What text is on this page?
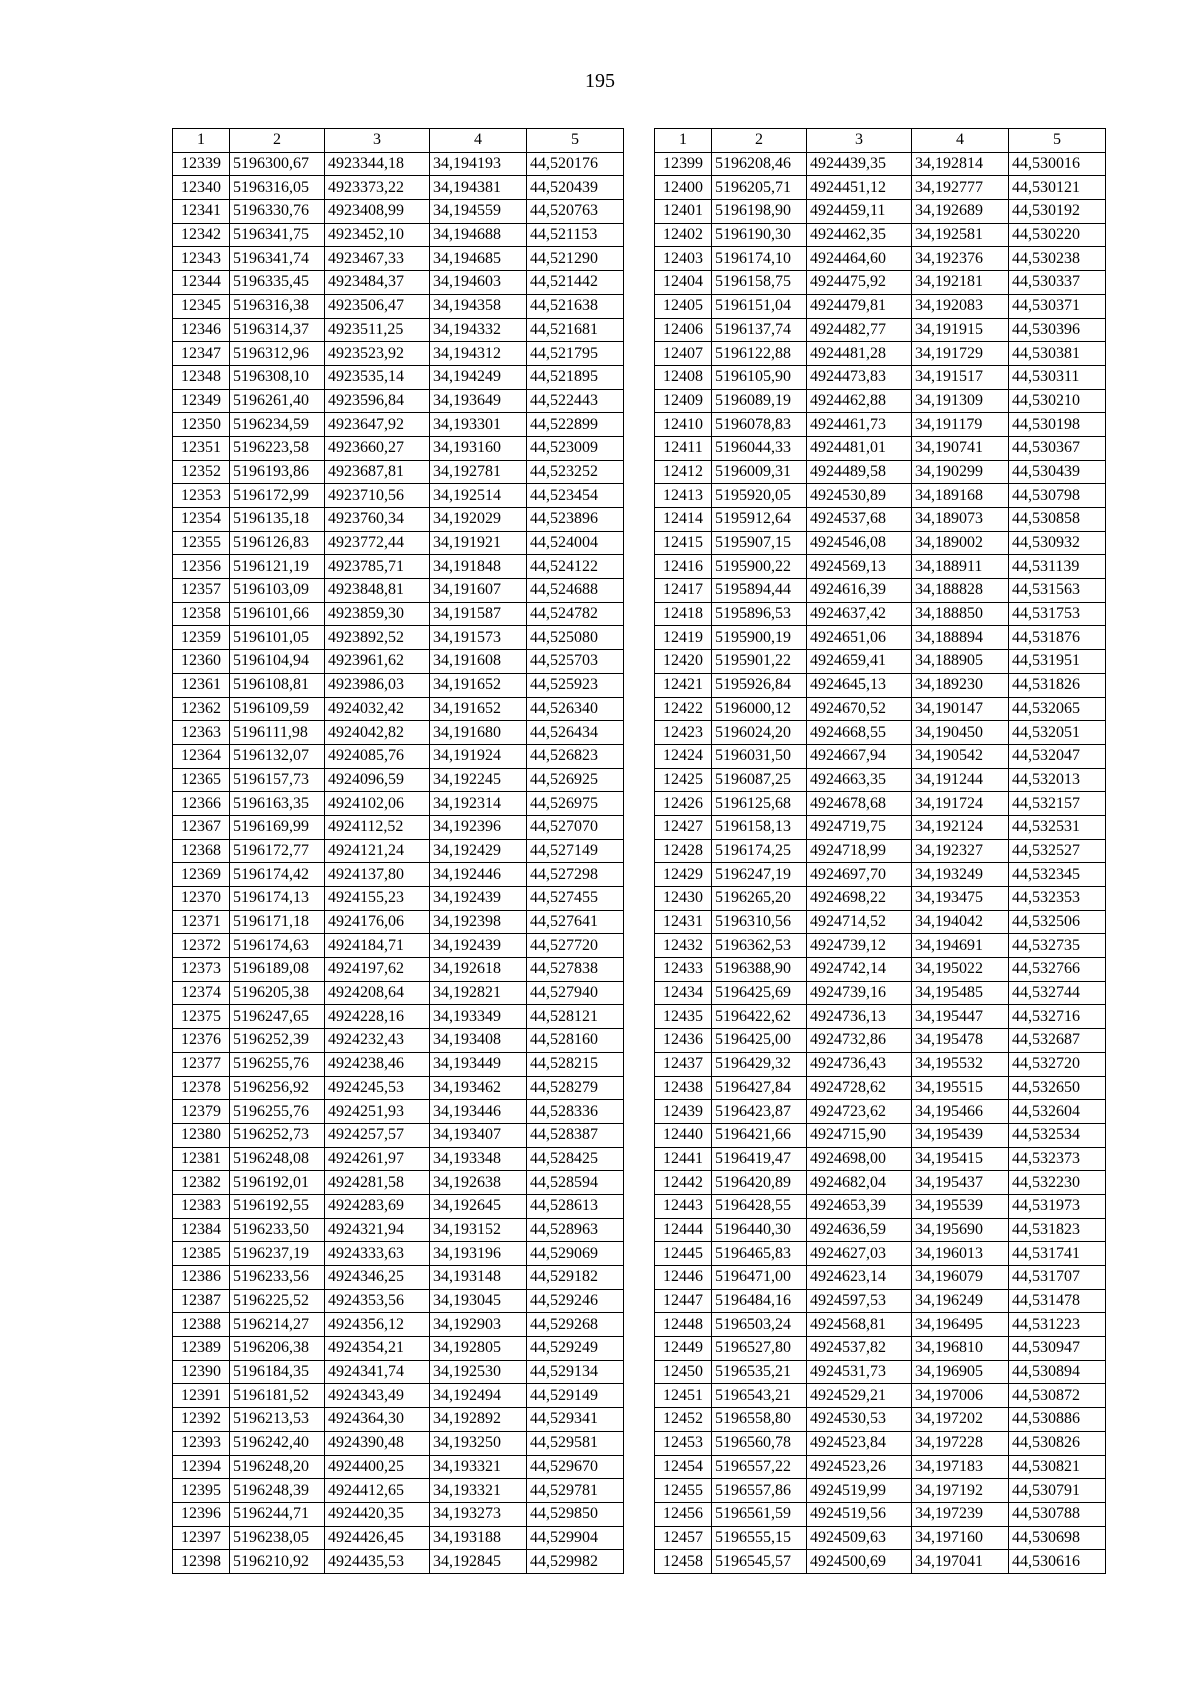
195
1	2	3	4	5
12339	5196300,67	4923344,18	34,194193	44,520176
12340	5196316,05	4923373,22	34,194381	44,520439
12341	5196330,76	4923408,99	34,194559	44,520763
12342	5196341,75	4923452,10	34,194688	44,521153
12343	5196341,74	4923467,33	34,194685	44,521290
12344	5196335,45	4923484,37	34,194603	44,521442
12345	5196316,38	4923506,47	34,194358	44,521638
12346	5196314,37	4923511,25	34,194332	44,521681
12347	5196312,96	4923523,92	34,194312	44,521795
12348	5196308,10	4923535,14	34,194249	44,521895
12349	5196261,40	4923596,84	34,193649	44,522443
12350	5196234,59	4923647,92	34,193301	44,522899
12351	5196223,58	4923660,27	34,193160	44,523009
12352	5196193,86	4923687,81	34,192781	44,523252
12353	5196172,99	4923710,56	34,192514	44,523454
12354	5196135,18	4923760,34	34,192029	44,523896
12355	5196126,83	4923772,44	34,191921	44,524004
12356	5196121,19	4923785,71	34,191848	44,524122
12357	5196103,09	4923848,81	34,191607	44,524688
12358	5196101,66	4923859,30	34,191587	44,524782
12359	5196101,05	4923892,52	34,191573	44,525080
12360	5196104,94	4923961,62	34,191608	44,525703
12361	5196108,81	4923986,03	34,191652	44,525923
12362	5196109,59	4924032,42	34,191652	44,526340
12363	5196111,98	4924042,82	34,191680	44,526434
12364	5196132,07	4924085,76	34,191924	44,526823
12365	5196157,73	4924096,59	34,192245	44,526925
12366	5196163,35	4924102,06	34,192314	44,526975
12367	5196169,99	4924112,52	34,192396	44,527070
12368	5196172,77	4924121,24	34,192429	44,527149
12369	5196174,42	4924137,80	34,192446	44,527298
12370	5196174,13	4924155,23	34,192439	44,527455
12371	5196171,18	4924176,06	34,192398	44,527641
12372	5196174,63	4924184,71	34,192439	44,527720
12373	5196189,08	4924197,62	34,192618	44,527838
12374	5196205,38	4924208,64	34,192821	44,527940
12375	5196247,65	4924228,16	34,193349	44,528121
12376	5196252,39	4924232,43	34,193408	44,528160
12377	5196255,76	4924238,46	34,193449	44,528215
12378	5196256,92	4924245,53	34,193462	44,528279
12379	5196255,76	4924251,93	34,193446	44,528336
12380	5196252,73	4924257,57	34,193407	44,528387
12381	5196248,08	4924261,97	34,193348	44,528425
12382	5196192,01	4924281,58	34,192638	44,528594
12383	5196192,55	4924283,69	34,192645	44,528613
12384	5196233,50	4924321,94	34,193152	44,528963
12385	5196237,19	4924333,63	34,193196	44,529069
12386	5196233,56	4924346,25	34,193148	44,529182
12387	5196225,52	4924353,56	34,193045	44,529246
12388	5196214,27	4924356,12	34,192903	44,529268
12389	5196206,38	4924354,21	34,192805	44,529249
12390	5196184,35	4924341,74	34,192530	44,529134
12391	5196181,52	4924343,49	34,192494	44,529149
12392	5196213,53	4924364,30	34,192892	44,529341
12393	5196242,40	4924390,48	34,193250	44,529581
12394	5196248,20	4924400,25	34,193321	44,529670
12395	5196248,39	4924412,65	34,193321	44,529781
12396	5196244,71	4924420,35	34,193273	44,529850
12397	5196238,05	4924426,45	34,193188	44,529904
12398	5196210,92	4924435,53	34,192845	44,529982
1	2	3	4	5
12399	5196208,46	4924439,35	34,192814	44,530016
12400	5196205,71	4924451,12	34,192777	44,530121
12401	5196198,90	4924459,11	34,192689	44,530192
12402	5196190,30	4924462,35	34,192581	44,530220
12403	5196174,10	4924464,60	34,192376	44,530238
12404	5196158,75	4924475,92	34,192181	44,530337
12405	5196151,04	4924479,81	34,192083	44,530371
12406	5196137,74	4924482,77	34,191915	44,530396
12407	5196122,88	4924481,28	34,191729	44,530381
12408	5196105,90	4924473,83	34,191517	44,530311
12409	5196089,19	4924462,88	34,191309	44,530210
12410	5196078,83	4924461,73	34,191179	44,530198
12411	5196044,33	4924481,01	34,190741	44,530367
12412	5196009,31	4924489,58	34,190299	44,530439
12413	5195920,05	4924530,89	34,189168	44,530798
12414	5195912,64	4924537,68	34,189073	44,530858
12415	5195907,15	4924546,08	34,189002	44,530932
12416	5195900,22	4924569,13	34,188911	44,531139
12417	5195894,44	4924616,39	34,188828	44,531563
12418	5195896,53	4924637,42	34,188850	44,531753
12419	5195900,19	4924651,06	34,188894	44,531876
12420	5195901,22	4924659,41	34,188905	44,531951
12421	5195926,84	4924645,13	34,189230	44,531826
12422	5196000,12	4924670,52	34,190147	44,532065
12423	5196024,20	4924668,55	34,190450	44,532051
12424	5196031,50	4924667,94	34,190542	44,532047
12425	5196087,25	4924663,35	34,191244	44,532013
12426	5196125,68	4924678,68	34,191724	44,532157
12427	5196158,13	4924719,75	34,192124	44,532531
12428	5196174,25	4924718,99	34,192327	44,532527
12429	5196247,19	4924697,70	34,193249	44,532345
12430	5196265,20	4924698,22	34,193475	44,532353
12431	5196310,56	4924714,52	34,194042	44,532506
12432	5196362,53	4924739,12	34,194691	44,532735
12433	5196388,90	4924742,14	34,195022	44,532766
12434	5196425,69	4924739,16	34,195485	44,532744
12435	5196422,62	4924736,13	34,195447	44,532716
12436	5196425,00	4924732,86	34,195478	44,532687
12437	5196429,32	4924736,43	34,195532	44,532720
12438	5196427,84	4924728,62	34,195515	44,532650
12439	5196423,87	4924723,62	34,195466	44,532604
12440	5196421,66	4924715,90	34,195439	44,532534
12441	5196419,47	4924698,00	34,195415	44,532373
12442	5196420,89	4924682,04	34,195437	44,532230
12443	5196428,55	4924653,39	34,195539	44,531973
12444	5196440,30	4924636,59	34,195690	44,531823
12445	5196465,83	4924627,03	34,196013	44,531741
12446	5196471,00	4924623,14	34,196079	44,531707
12447	5196484,16	4924597,53	34,196249	44,531478
12448	5196503,24	4924568,81	34,196495	44,531223
12449	5196527,80	4924537,82	34,196810	44,530947
12450	5196535,21	4924531,73	34,196905	44,530894
12451	5196543,21	4924529,21	34,197006	44,530872
12452	5196558,80	4924530,53	34,197202	44,530886
12453	5196560,78	4924523,84	34,197228	44,530826
12454	5196557,22	4924523,26	34,197183	44,530821
12455	5196557,86	4924519,99	34,197192	44,530791
12456	5196561,59	4924519,56	34,197239	44,530788
12457	5196555,15	4924509,63	34,197160	44,530698
12458	5196545,57	4924500,69	34,197041	44,530616
